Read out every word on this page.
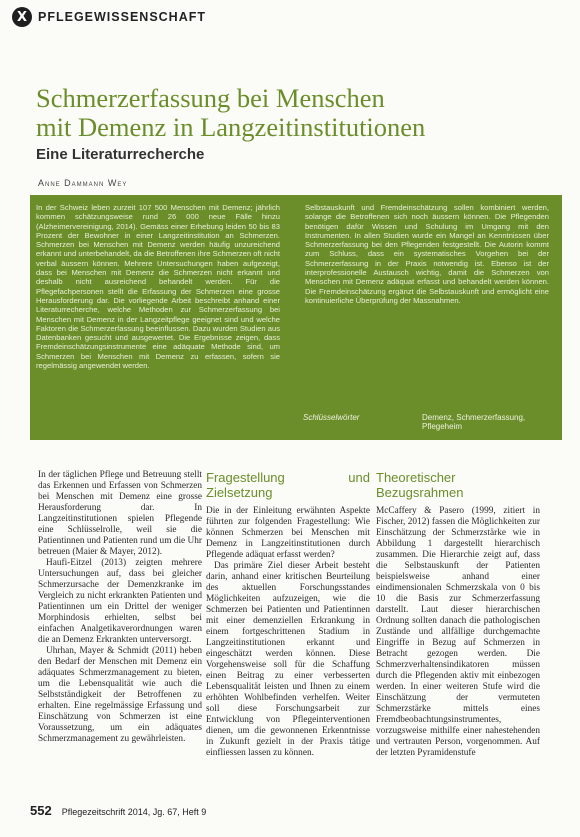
X PFLEGEWISSENSCHAFT
Schmerzerfassung bei Menschen
mit Demenz in Langzeitinstitutionen
Eine Literaturrecherche
Anne Dammann Wey
In der Schweiz leben zurzeit 107 500 Menschen mit Demenz; jährlich kommen schätzungsweise rund 26 000 neue Fälle hinzu (Alzheimervereinigung, 2014). Gemäss einer Erhebung leiden 50 bis 83 Prozent der Bewohner in einer Langzeitinstitution an Schmerzen. Schmerzen bei Menschen mit Demenz werden häufig unzureichend erkannt und unterbehandelt, da die Betroffenen ihre Schmerzen oft nicht verbal äussern können. Mehrere Untersuchungen haben aufgezeigt, dass bei Menschen mit Demenz die Schmerzen nicht erkannt und deshalb nicht ausreichend behandelt werden. Für die Pflegefachpersonen stellt die Erfassung der Schmerzen eine grosse Herausforderung dar. Die vorliegende Arbeit beschreibt anhand einer Literaturrecherche, welche Methoden zur Schmerzerfassung bei Menschen mit Demenz in der Langzeitpflege geeignet sind und welche Faktoren die Schmerzerfassung beeinflussen. Dazu wurden Studien aus Datenbanken gesucht und ausgewertet. Die Ergebnisse zeigen, dass Fremdeinschätzungsinstrumente eine adäquate Methode sind, um Schmerzen bei Menschen mit Demenz zu erfassen, sofern sie regelmässig angewendet werden.
Selbstauskunft und Fremdeinschätzung sollen kombiniert werden, solange die Betroffenen sich noch äussern können. Die Pflegenden benötigen dafür Wissen und Schulung im Umgang mit den Instrumenten. In allen Studien wurde ein Mangel an Kenntnissen über Schmerzerfassung bei den Pflegenden festgestellt. Die Autorin kommt zum Schluss, dass ein systematisches Vorgehen bei der Schmerzerfassung in der Praxis notwendig ist. Ebenso ist der interprofessionelle Austausch wichtig, damit die Schmerzen von Menschen mit Demenz adäquat erfasst und behandelt werden können. Die Fremdeinschätzung ergänzt die Selbstauskunft und ermöglicht eine kontinuierliche Überprüfung der Massnahmen.
Schlüsselwörter	Demenz, Schmerzerfassung, Pflegeheim

In der täglichen Pflege und Betreuung stellt das Erkennen und Erfassen von Schmerzen bei Menschen mit Demenz eine grosse Herausforderung dar. In Langzeitinstitutionen spielen Pflegende eine Schlüsselrolle, weil sie die Patientinnen und Patienten rund um die Uhr betreuen (Maier & Mayer, 2012).

Haufi-Eitzel (2013) zeigten mehrere Untersuchungen auf, dass bei gleicher Schmerzursache der Demenzkranke im Vergleich zu nicht erkrankten Patienten und Patientinnen um ein Drittel der weniger Morphindosis erhielten, selbst bei einfachen Analgetikaverordnungen waren die an Demenz Erkrankten unterversorgt.

Uhrhan, Mayer & Schmidt (2011) heben den Bedarf der Menschen mit Demenz ein adäquates Schmerzmanagement zu bieten, um die Lebensqualität wie auch die Selbstständigkeit der Betroffenen zu erhalten. Eine regelmässige Erfassung und Einschätzung von Schmerzen ist eine Voraussetzung, um ein adäquates Schmerzmanagement zu gewährleisten.

Fragestellung und Zielsetzung

Die in der Einleitung erwähnten Aspekte führten zur folgenden Fragestellung: Wie können Schmerzen bei Menschen mit Demenz in Langzeitinstitutionen durch Pflegende adäquat erfasst werden?

Das primäre Ziel dieser Arbeit besteht darin, anhand einer kritischen Beurteilung des aktuellen Forschungsstandes Möglichkeiten aufzuzeigen, wie die Schmerzen bei Patienten und Patientinnen mit einer demenziellen Erkrankung in einem fortgeschrittenen Stadium in Langzeitinstitutionen erkannt und eingeschätzt werden können. Diese Vorgehensweise soll für die Schaffung einen Beitrag zu einer verbesserten Lebensqualität leisten und Ihnen zu einem erhöhten Wohlbefinden verhelfen. Weiter soll diese Forschungsarbeit zur Entwicklung von Pflegeinterventionen dienen, um die gewonnenen Erkenntnisse in Zukunft gezielt in der Praxis tätige einfliessen lassen zu können.

Theoretischer Bezugsrahmen

McCaffery & Pasero (1999, zitiert in Fischer, 2012) fassen die Möglichkeiten zur Einschätzung der Schmerzstärke wie in Abbildung 1 dargestellt hierarchisch zusammen. Die Hierarchie zeigt auf, dass die Selbstauskunft der Patienten beispielsweise anhand einer eindimensionalen Schmerzskala von 0 bis 10 die Basis zur Schmerzerfassung darstellt. Laut dieser hierarchischen Ordnung sollten danach die pathologischen Zustände und allfällige durchgemachte Eingriffe in Bezug auf Schmerzen in Betracht gezogen werden. Die Schmerzverhaltensindikatoren müssen durch die Pflegenden aktiv mit einbezogen werden. In einer weiteren Stufe wird die Einschätzung der vermuteten Schmerzstärke mittels eines Fremdbeobachtungsinstrumentes, vorzugsweise mithilfe einer nahestehenden und vertrauten Person, vorgenommen. Auf der letzten Pyramidenstufe

552 Pflegezeitschrift 2014, Jg. 67, Heft 9
